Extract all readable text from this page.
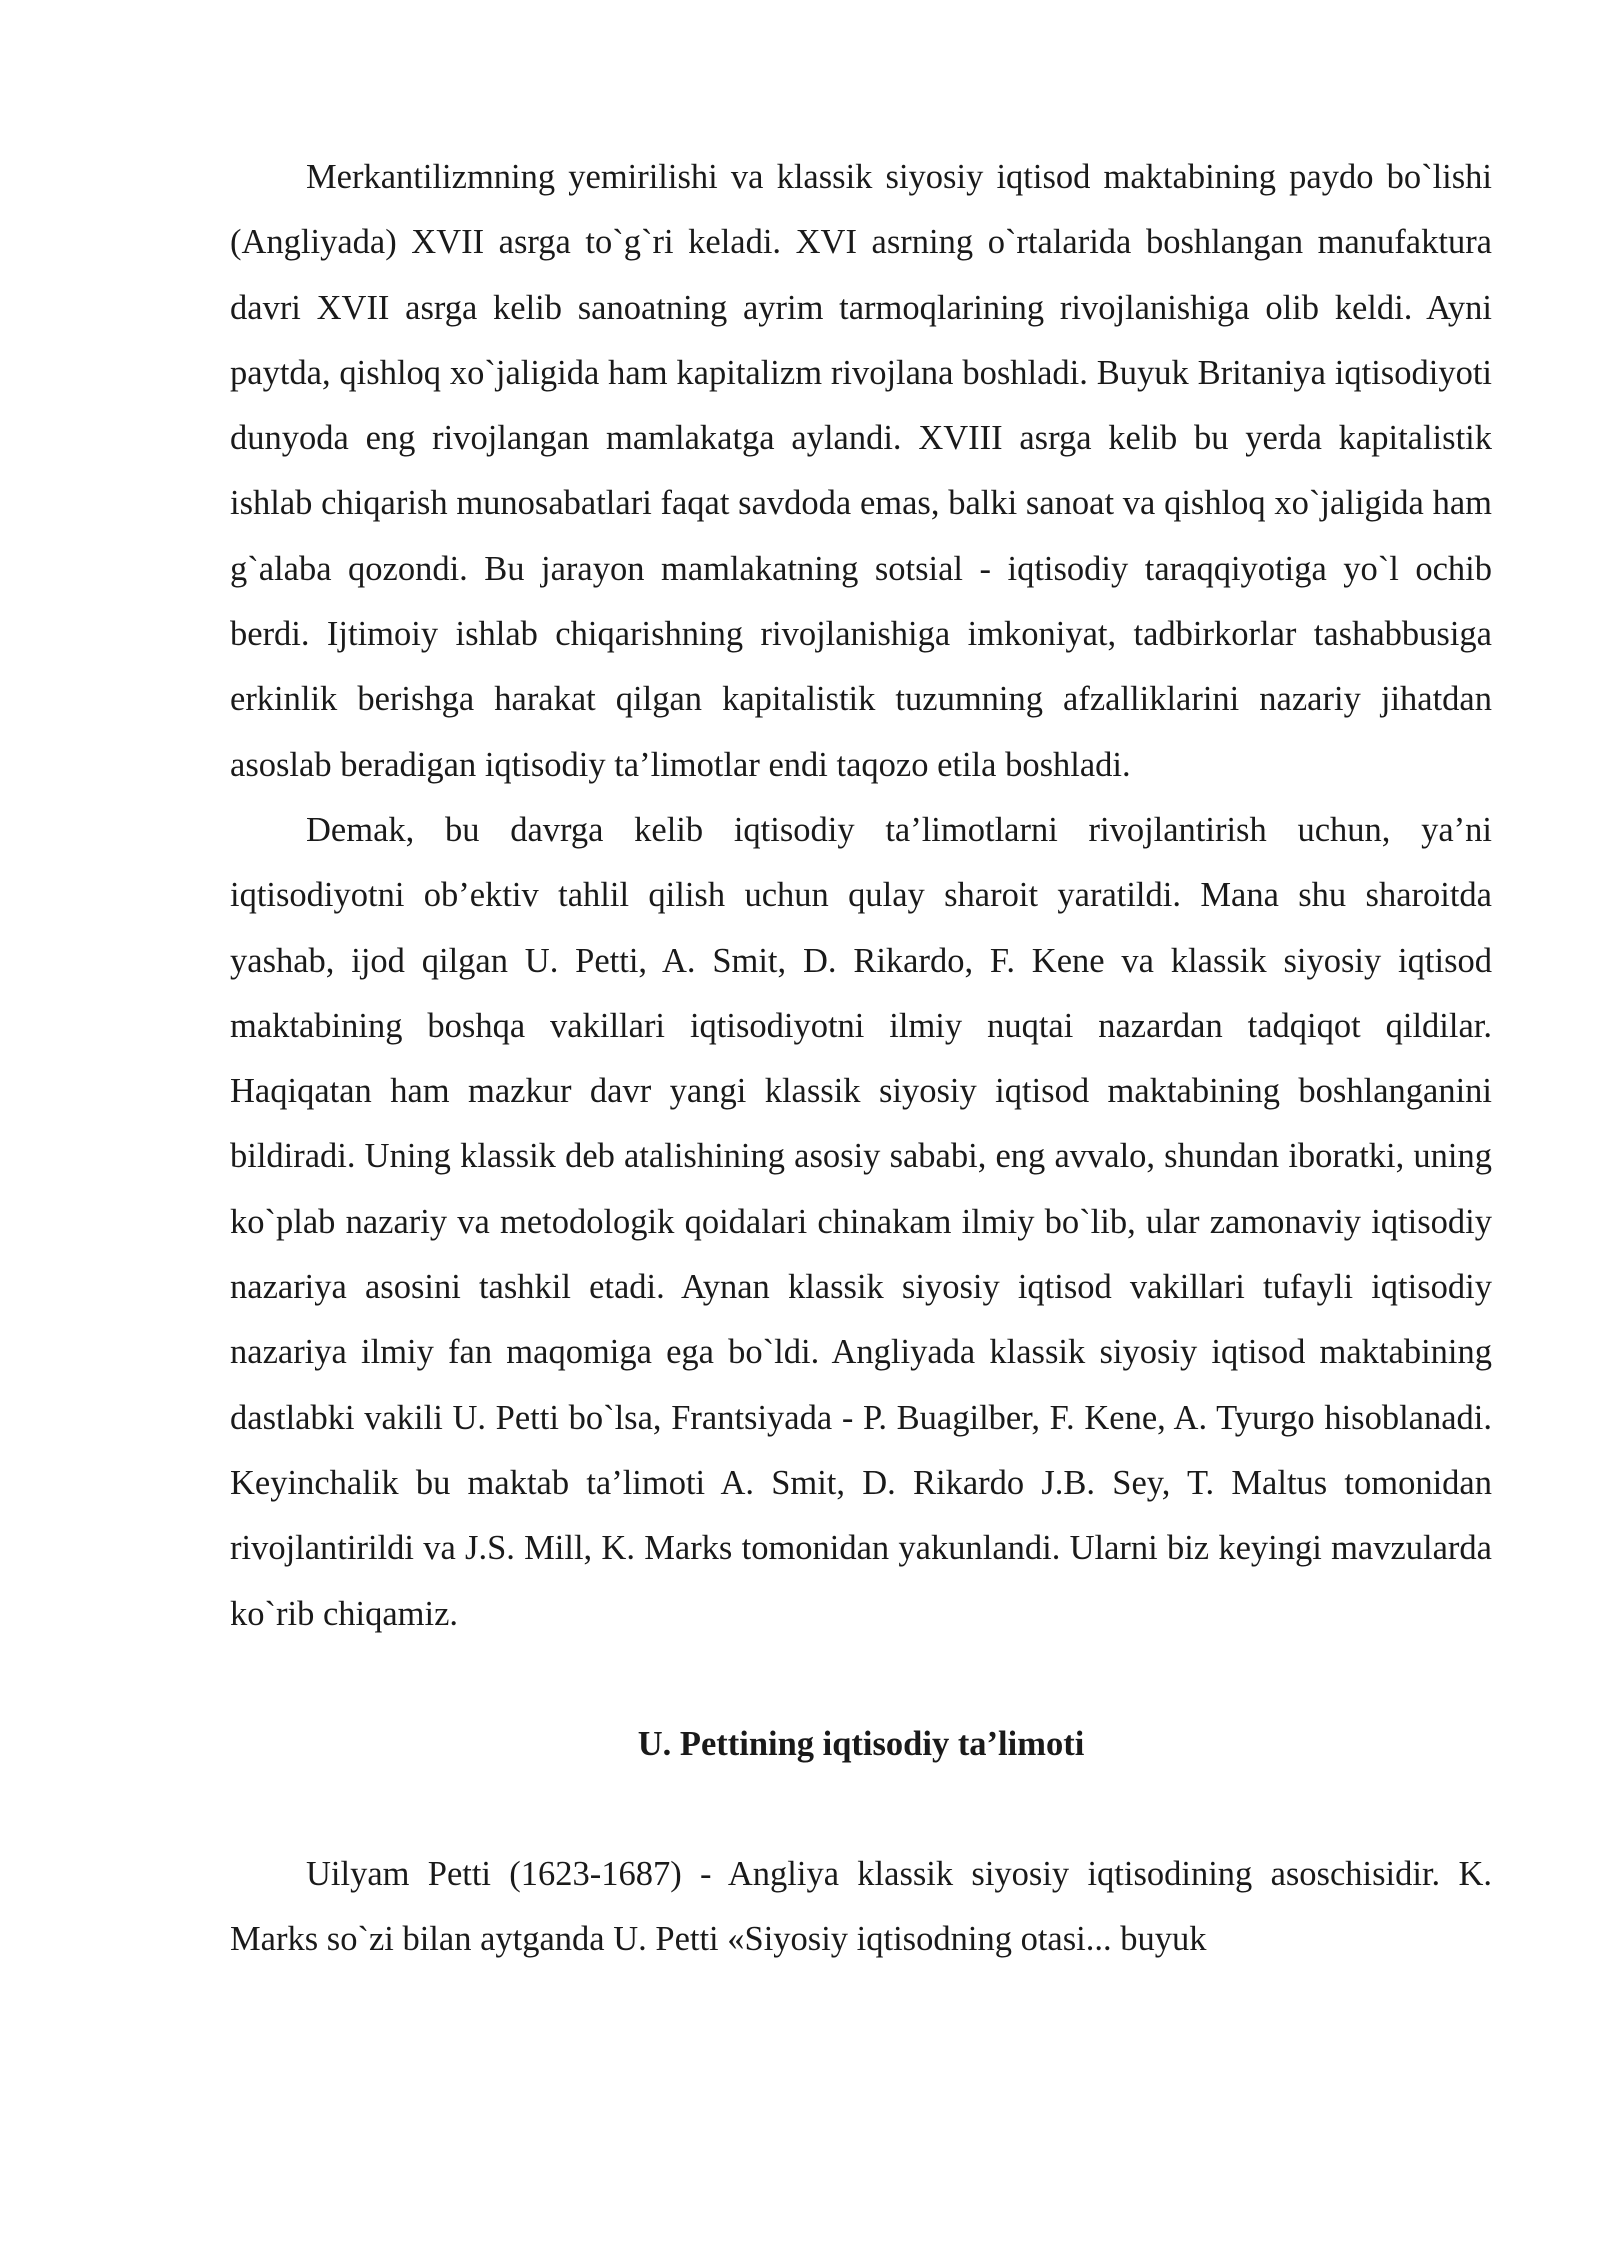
Merkantilizmning yemirilishi va klassik siyosiy iqtisod maktabining paydo bo`lishi (Angliyada) XVII asrga to`g`ri keladi. XVI asrning o`rtalarida boshlangan manufaktura davri XVII asrga kelib sanoatning ayrim tarmoqlarining rivojlanishiga olib keldi. Ayni paytda, qishloq xo`jaligida ham kapitalizm rivojlana boshladi. Buyuk Britaniya iqtisodiyoti dunyoda eng rivojlangan mamlakatga aylandi. XVIII asrga kelib bu yerda kapitalistik ishlab chiqarish munosabatlari faqat savdoda emas, balki sanoat va qishloq xo`jaligida ham g`alaba qozondi. Bu jarayon mamlakatning sotsial - iqtisodiy taraqqiyotiga yo`l ochib berdi. Ijtimoiy ishlab chiqarishning rivojlanishiga imkoniyat, tadbirkorlar tashabbusiga erkinlik berishga harakat qilgan kapitalistik tuzumning afzalliklarini nazariy jihatdan asoslab beradigan iqtisodiy ta’limotlar endi taqozo etila boshladi.

Demak, bu davrga kelib iqtisodiy ta’limotlarni rivojlantirish uchun, ya’ni iqtisodiyotni ob’ektiv tahlil qilish uchun qulay sharoit yaratildi. Mana shu sharoitda yashab, ijod qilgan U. Petti, A. Smit, D. Rikardo, F. Kene va klassik siyosiy iqtisod maktabining boshqa vakillari iqtisodiyotni ilmiy nuqtai nazardan tadqiqot qildilar. Haqiqatan ham mazkur davr yangi klassik siyosiy iqtisod maktabining boshlanganini bildiradi. Uning klassik deb atalishining asosiy sababi, eng avvalo, shundan iboratki, uning ko`plab nazariy va metodologik qoidalari chinakam ilmiy bo`lib, ular zamonaviy iqtisodiy nazariya asosini tashkil etadi. Aynan klassik siyosiy iqtisod vakillari tufayli iqtisodiy nazariya ilmiy fan maqomiga ega bo`ldi. Angliyada klassik siyosiy iqtisod maktabining dastlabki vakili U. Petti bo`lsa, Frantsiyada - P. Buagilber, F. Kene, A. Tyurgo hisoblanadi. Keyinchalik bu maktab ta’limoti A. Smit, D. Rikardo J.B. Sey, T. Maltus tomonidan rivojlantirildi va J.S. Mill, K. Marks tomonidan yakunlandi. Ularni biz keyingi mavzularda ko`rib chiqamiz.

U. Pettining iqtisodiy ta’limoti

Uilyam Petti (1623-1687) - Angliya klassik siyosiy iqtisodining asoschisidir. K. Marks so`zi bilan aytganda U. Petti «Siyosiy iqtisodning otasi... buyuk
